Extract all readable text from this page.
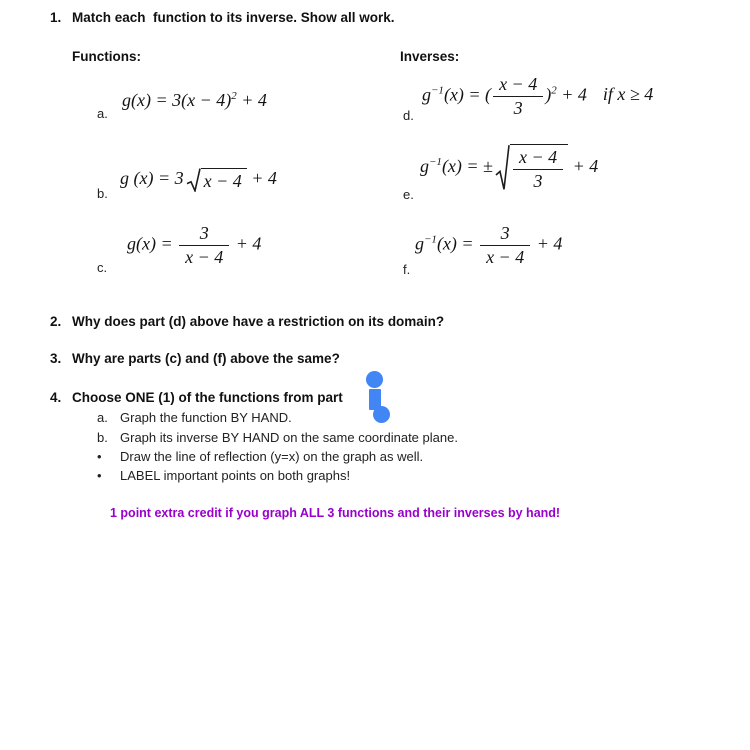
1. Match each  function to its inverse. Show all work.
Functions:	Inverses:
a.
$g(x) = 3(x - 4)^2 + 4$
d.
$g^{-1}(x)$ = ( $\frac{x - 4}{3} )^2 + 4$ if x ≥ 4
b.
g (x) = 3 x − 4 + 4
e.
$g^{-1}(x)$ = ± $\frac{x - 4}{3} + 4$
c.
$g(x) = \frac{3}{x - 4} + 4$
f.
$g^{-1}(x) = \frac{3}{x - 4} + 4$
2. Why does part (d) above have a restriction on its domain?
3. Why are parts (c) and (f) above the same?
4. Choose ONE (1) of the functions from part
a. Graph the function BY HAND.
b. Graph its inverse BY HAND on the same coordinate plane.
•	Draw the line of reflection (y=x) on the graph as well.
•	LABEL important points on both graphs!
1 point extra credit if you graph ALL 3 functions and their inverses by hand!
